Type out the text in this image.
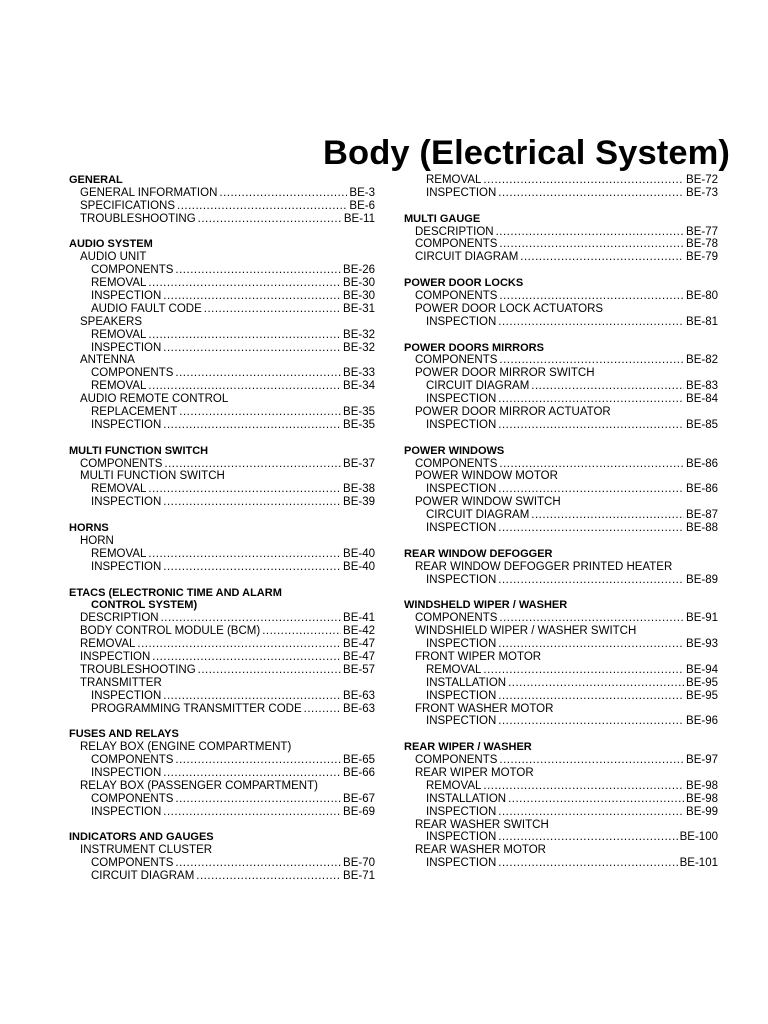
Body (Electrical System)
GENERAL
GENERAL INFORMATION .....	BE-3
SPECIFICATIONS .....	BE-6
TROUBLESHOOTING .....	BE-11
AUDIO SYSTEM
AUDIO UNIT
COMPONENTS .....	BE-26
REMOVAL .....	BE-30
INSPECTION .....	BE-30
AUDIO FAULT CODE .....	BE-31
SPEAKERS
REMOVAL .....	BE-32
INSPECTION .....	BE-32
ANTENNA
COMPONENTS .....	BE-33
REMOVAL .....	BE-34
AUDIO REMOTE CONTROL
REPLACEMENT .....	BE-35
INSPECTION .....	BE-35
MULTI FUNCTION SWITCH
COMPONENTS .....	BE-37
MULTI FUNCTION SWITCH
REMOVAL .....	BE-38
INSPECTION .....	BE-39
HORNS
HORN
REMOVAL .....	BE-40
INSPECTION .....	BE-40
ETACS (ELECTRONIC TIME AND ALARM
CONTROL SYSTEM)
DESCRIPTION .....	BE-41
BODY CONTROL MODULE (BCM) .....	BE-42
REMOVAL .....	BE-47
INSPECTION .....	BE-47
TROUBLESHOOTING .....	BE-57
TRANSMITTER
INSPECTION .....	BE-63
PROGRAMMING TRANSMITTER CODE .....	BE-63
FUSES AND RELAYS
RELAY BOX (ENGINE COMPARTMENT)
COMPONENTS .....	BE-65
INSPECTION .....	BE-66
RELAY BOX (PASSENGER COMPARTMENT)
COMPONENTS .....	BE-67
INSPECTION .....	BE-69
INDICATORS AND GAUGES
INSTRUMENT CLUSTER
COMPONENTS .....	BE-70
CIRCUIT DIAGRAM .....	BE-71
REMOVAL .....	BE-72
INSPECTION .....	BE-73
MULTI GAUGE
DESCRIPTION .....	BE-77
COMPONENTS .....	BE-78
CIRCUIT DIAGRAM .....	BE-79
POWER DOOR LOCKS
COMPONENTS .....	BE-80
POWER DOOR LOCK ACTUATORS
INSPECTION .....	BE-81
POWER DOORS MIRRORS
COMPONENTS .....	BE-82
POWER DOOR MIRROR SWITCH
CIRCUIT DIAGRAM .....	BE-83
INSPECTION .....	BE-84
POWER DOOR MIRROR ACTUATOR
INSPECTION .....	BE-85
POWER WINDOWS
COMPONENTS .....	BE-86
POWER WINDOW MOTOR
INSPECTION .....	BE-86
POWER WINDOW SWITCH
CIRCUIT DIAGRAM .....	BE-87
INSPECTION .....	BE-88
REAR WINDOW DEFOGGER
REAR WINDOW DEFOGGER PRINTED HEATER
INSPECTION .....	BE-89
WINDSHELD WIPER / WASHER
COMPONENTS .....	BE-91
WINDSHIELD WIPER / WASHER SWITCH
INSPECTION .....	BE-93
FRONT WIPER MOTOR
REMOVAL .....	BE-94
INSTALLATION .....	BE-95
INSPECTION .....	BE-95
FRONT WASHER MOTOR
INSPECTION .....	BE-96
REAR WIPER / WASHER
COMPONENTS .....	BE-97
REAR WIPER MOTOR
REMOVAL .....	BE-98
INSTALLATION .....	BE-98
INSPECTION .....	BE-99
REAR WASHER SWITCH
INSPECTION .....	BE-100
REAR WASHER MOTOR
INSPECTION .....	BE-101
